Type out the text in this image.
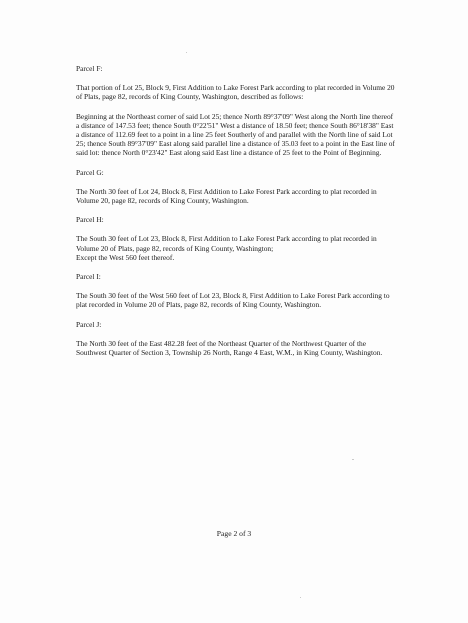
Parcel F:

That portion of Lot 25, Block 9, First Addition to Lake Forest Park according to plat recorded in Volume 20 of Plats, page 82, records of King County, Washington, described as follows:

Beginning at the Northeast corner of said Lot 25; thence North 89°37'09" West along the North line thereof a distance of 147.53 feet; thence South 0°22'51" West a distance of 18.50 feet; thence South 86°18'38" East a distance of 112.69 feet to a point in a line 25 feet Southerly of and parallel with the North line of said Lot 25; thence South 89°37'09" East along said parallel line a distance of 35.03 feet to a point in the East line of said lot: thence North 0°23'42" East along said East line a distance of 25 feet to the Point of Beginning.

Parcel G:

The North 30 feet of Lot 24, Block 8, First Addition to Lake Forest Park according to plat recorded in Volume 20, page 82, records of King County, Washington.

Parcel H:

The South 30 feet of Lot 23, Block 8, First Addition to Lake Forest Park according to plat recorded in Volume 20 of Plats, page 82, records of King County, Washington;
Except the West 560 feet thereof.

Parcel I:

The South 30 feet of the West 560 feet of Lot 23, Block 8, First Addition to Lake Forest Park according to plat recorded in Volume 20 of Plats, page 82, records of King County, Washington.

Parcel J:

The North 30 feet of the East 482.28 feet of the Northeast Quarter of the Northwest Quarter of the Southwest Quarter of Section 3, Township 26 North, Range 4 East, W.M., in King County, Washington.

Page 2 of 3
